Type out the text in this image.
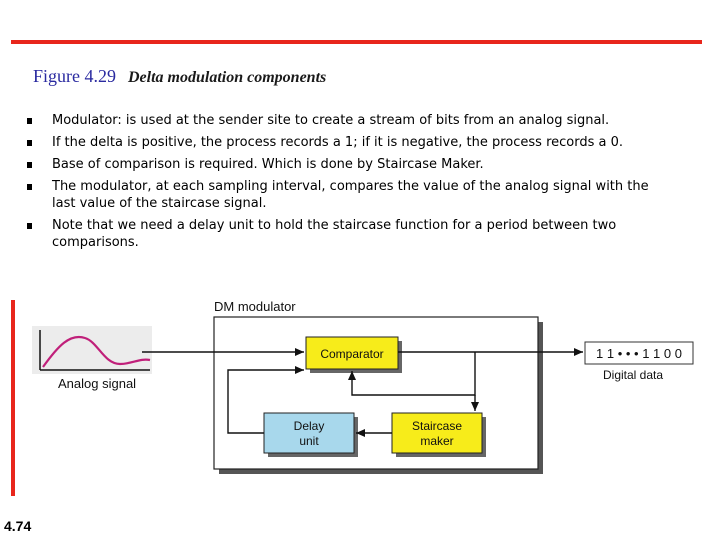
Figure 4.29 Delta modulation components
Modulator: is used at the sender site to create a stream of bits from an analog signal.
If the delta is positive, the process records a 1; if it is negative, the process records a 0.
Base of comparison is required. Which is done by Staircase Maker.
The modulator, at each sampling interval, compares the value of the analog signal with the last value of the staircase signal.
Note that we need a delay unit to hold the staircase function for a period between two comparisons.
DM modulator
Analog signal
Comparator
Delay
unit
Staircase
maker
1 1 • • • 1 1 0 0
Digital data
4.74
